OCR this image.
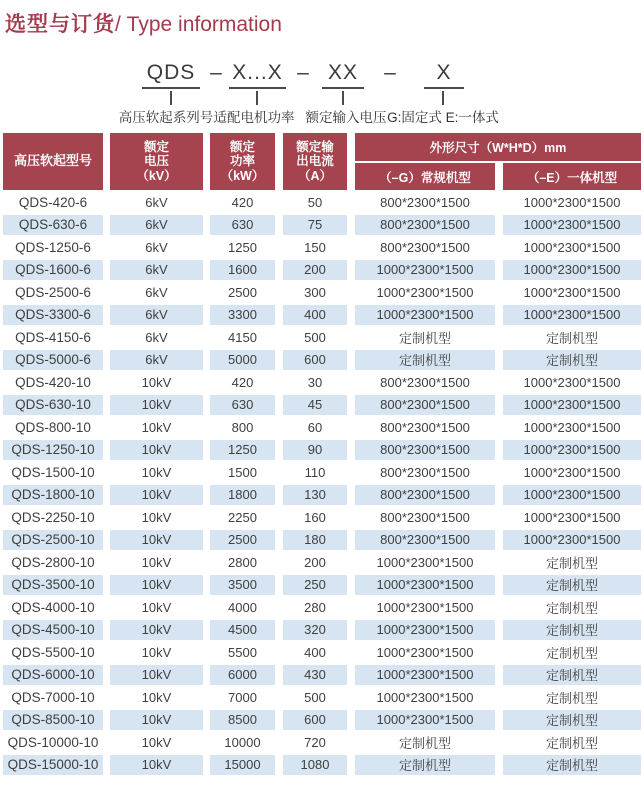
选型与订货/ Type information
QDS – X...X – XX –	X
高压软起系列号 适配电机功率 额定输入电压 G:固定式 E:一体式
高压软起型号
额定
电压
（kV）
额定
功率
（kW）
额定输
出电流
（A）
外形尺寸（W*H*D）mm
（–G）常规机型	（–E）一体机型
QDS-420-6	6kV	420	50	800*2300*1500	1000*2300*1500
QDS-630-6	6kV	630	75	800*2300*1500	1000*2300*1500
QDS-1250-6	6kV	1250	150	800*2300*1500	1000*2300*1500
QDS-1600-6	6kV	1600	200	1000*2300*1500	1000*2300*1500
QDS-2500-6	6kV	2500	300	1000*2300*1500	1000*2300*1500
QDS-3300-6	6kV	3300	400	1000*2300*1500	1000*2300*1500
QDS-4150-6	6kV	4150	500	定制机型	定制机型
QDS-5000-6	6kV	5000	600	定制机型	定制机型
QDS-420-10	10kV	420	30	800*2300*1500	1000*2300*1500
QDS-630-10	10kV	630	45	800*2300*1500	1000*2300*1500
QDS-800-10	10kV	800	60	800*2300*1500	1000*2300*1500
QDS-1250-10	10kV	1250	90	800*2300*1500	1000*2300*1500
QDS-1500-10	10kV	1500	110	800*2300*1500	1000*2300*1500
QDS-1800-10	10kV	1800	130	800*2300*1500	1000*2300*1500
QDS-2250-10	10kV	2250	160	800*2300*1500	1000*2300*1500
QDS-2500-10	10kV	2500	180	800*2300*1500	1000*2300*1500
QDS-2800-10	10kV	2800	200	1000*2300*1500	定制机型
QDS-3500-10	10kV	3500	250	1000*2300*1500	定制机型
QDS-4000-10	10kV	4000	280	1000*2300*1500	定制机型
QDS-4500-10	10kV	4500	320	1000*2300*1500	定制机型
QDS-5500-10	10kV	5500	400	1000*2300*1500	定制机型
QDS-6000-10	10kV	6000	430	1000*2300*1500	定制机型
QDS-7000-10	10kV	7000	500	1000*2300*1500	定制机型
QDS-8500-10	10kV	8500	600	1000*2300*1500	定制机型
QDS-10000-10	10kV	10000	720	定制机型	定制机型
QDS-15000-10	10kV	15000	1080	定制机型	定制机型
